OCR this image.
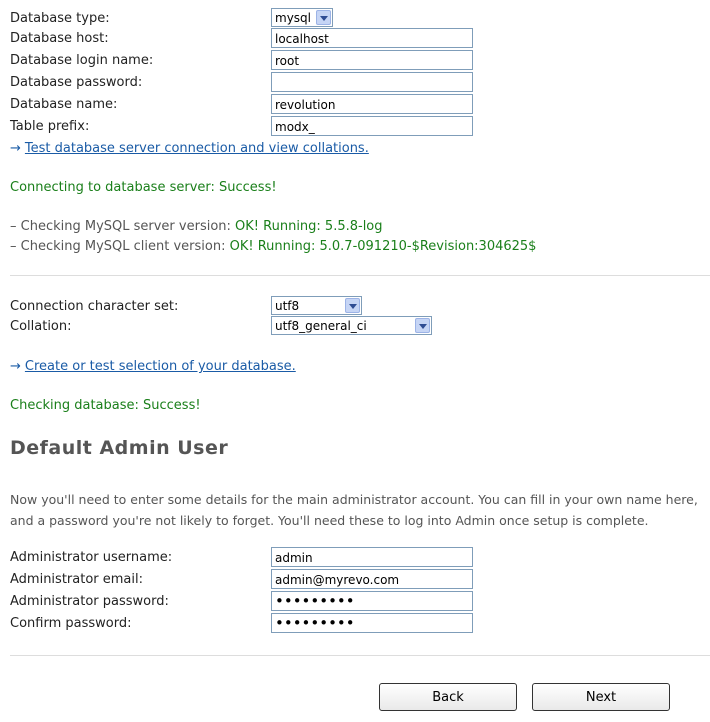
Database type:	mysql
Database host:	localhost
Database login name:	root
Database password:
Database name:	revolution
Table prefix:	modx_
→ Test database server connection and view collations.
Connecting to database server: Success!
– Checking MySQL server version: OK! Running: 5.5.8-log
– Checking MySQL client version: OK! Running: 5.0.7-091210-$Revision:304625$
Connection character set:	utf8
Collation:	utf8_general_ci
→ Create or test selection of your database.
Checking database: Success!
Default Admin User
Now you'll need to enter some details for the main administrator account. You can fill in your own name here, and a password you're not likely to forget. You'll need these to log into Admin once setup is complete.
Administrator username:	admin
Administrator email:	admin@myrevo.com
Administrator password:	•••••••••
Confirm password:	•••••••••
Back	Next
